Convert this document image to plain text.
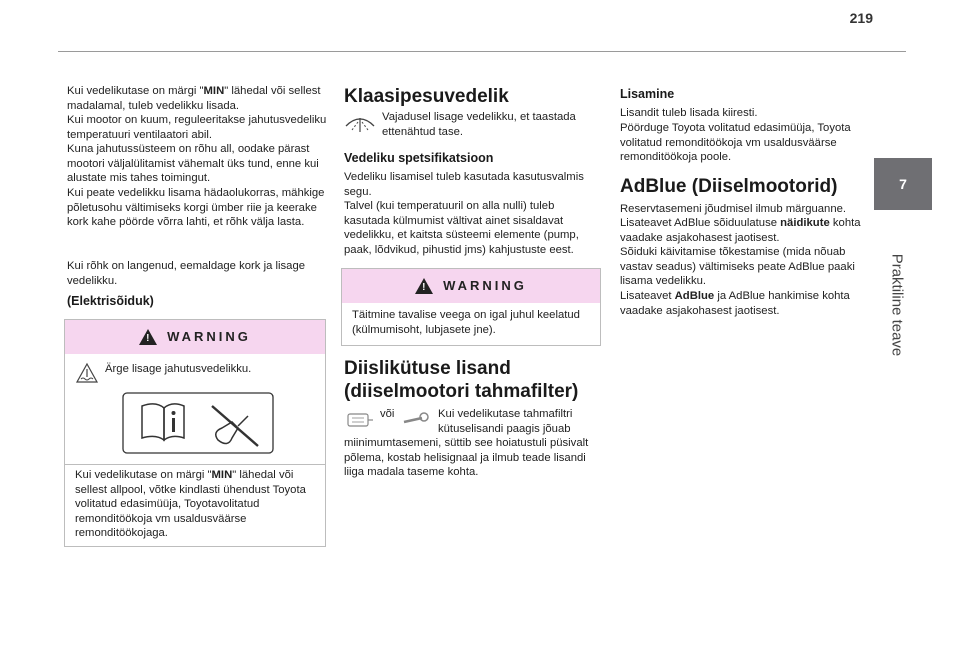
219
7
Praktiline teave

Kui vedelikutase on märgi "MIN" lähedal või sellest madalamal, tuleb vedelikku lisada.

Kui mootor on kuum, reguleeritakse jahutusvedeliku temperatuuri ventilaatori abil.

Kuna jahutussüsteem on rõhu all, oodake pärast mootori väljalülitamist vähemalt üks tund, enne kui alustate mis tahes toimingut.

Kui peate vedelikku lisama hädaolukorras, mähkige põletusohu vältimiseks korgi ümber riie ja keerake kork kahe pöörde võrra lahti, et rõhk välja lasta.

Kui rõhk on langenud, eemaldage kork ja lisage vedelikku.

(Elektrisõiduk)

!
WARNING
Ärge lisage jahutusvedelikku.

Kui vedelikutase on märgi "MIN" lähedal või sellest allpool, võtke kindlasti ühendust Toyota volitatud edasimüüja, Toyotavolitatud remonditöökoja vm usaldusväärse remonditöökojaga.

Klaasipesuvedelik

Vajadusel lisage vedelikku, et taastada ettenähtud tase.

Vedeliku spetsifikatsioon

Vedeliku lisamisel tuleb kasutada kasutusvalmis segu.

Talvel (kui temperatuuril on alla nulli) tuleb kasutada külmumist vältivat ainet sisaldavat vedelikku, et kaitsta süsteemi elemente (pump, paak, lõdvikud, pihustid jms) kahjustuste eest.

!
WARNING

Täitmine tavalise veega on igal juhul keelatud (külmumisoht, lubjasete jne).

Diislikütuse lisand

(diiselmootori tahmafilter)

või	Kui vedelikutase tahmafiltri kütuselisandi paagis jõuab

miinimumtasemeni, süttib see hoiatustuli püsivalt põlema, kostab helisignaal ja ilmub teade lisandi liiga madala taseme kohta.

Lisamine

Lisandit tuleb lisada kiiresti.

Pöörduge Toyota volitatud edasimüüja, Toyota volitatud remonditöökoja vm usaldusväärse remonditöökoja poole.

AdBlue (Diiselmootorid)

Reservtasemeni jõudmisel ilmub märguanne.

Lisateavet AdBlue sõiduulatuse näidikute kohta vaadake asjakohasest jaotisest.

Sõiduki käivitamise tõkestamise (mida nõuab vastav seadus) vältimiseks peate AdBlue paaki lisama vedelikku.

Lisateavet AdBlue ja AdBlue hankimise kohta vaadake asjakohasest jaotisest.
